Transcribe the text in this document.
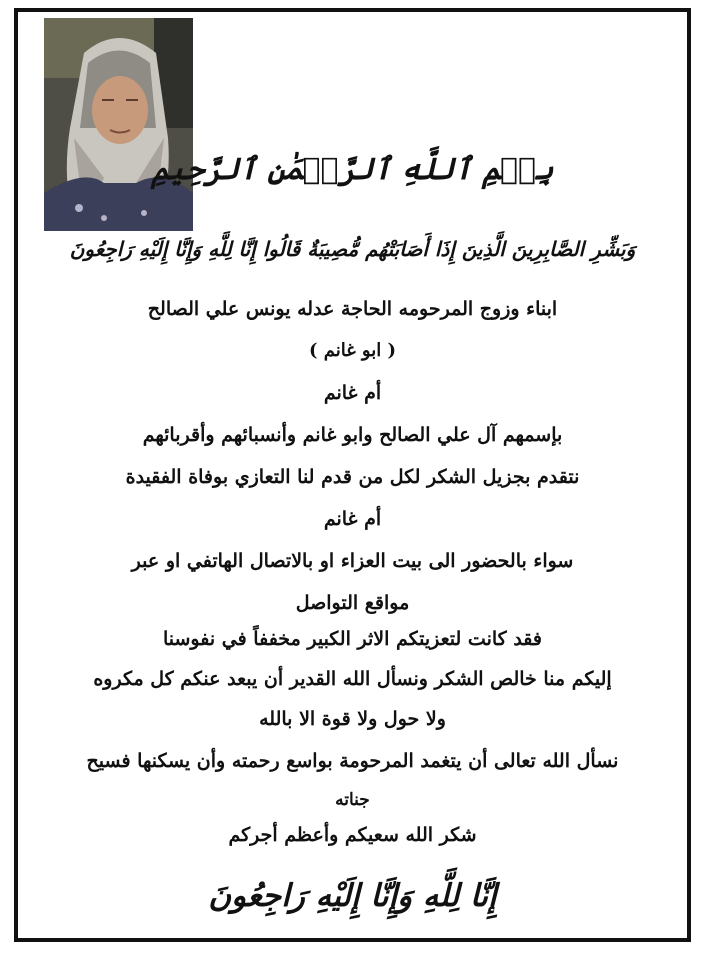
بِسۡمِ ٱللَّهِ ٱلرَّحۡمَٰنِ ٱلرَّحِيمِ
وَبَشِّرِ الصَّابِرِينَ الَّذِينَ إِذَا أَصَابَتْهُم مُّصِيبَةٌ قَالُوا إِنَّا لِلَّهِ وَإِنَّا إِلَيْهِ رَاجِعُونَ
ابناء وزوج المرحومه الحاجة عدله يونس علي الصالح
( ابو غانم )
أم غانم
بإسمهم آل علي الصالح وابو غانم وأنسبائهم وأقربائهم
نتقدم بجزيل الشكر لكل من قدم لنا التعازي بوفاة الفقيدة
أم غانم
سواء بالحضور الى بيت العزاء او بالاتصال الهاتفي او عبر
مواقع التواصل
فقد كانت لتعزيتكم الاثر الكبير مخففاً في نفوسنا
إليكم منا خالص الشكر ونسأل الله القدير أن يبعد عنكم كل مكروه
ولا حول ولا قوة الا بالله
نسأل الله تعالى أن يتغمد المرحومة بواسع رحمته وأن يسكنها فسيح
جناته
شكر الله سعيكم وأعظم أجركم
إِنَّا لِلَّهِ وَإِنَّا إِلَيْهِ رَاجِعُونَ
